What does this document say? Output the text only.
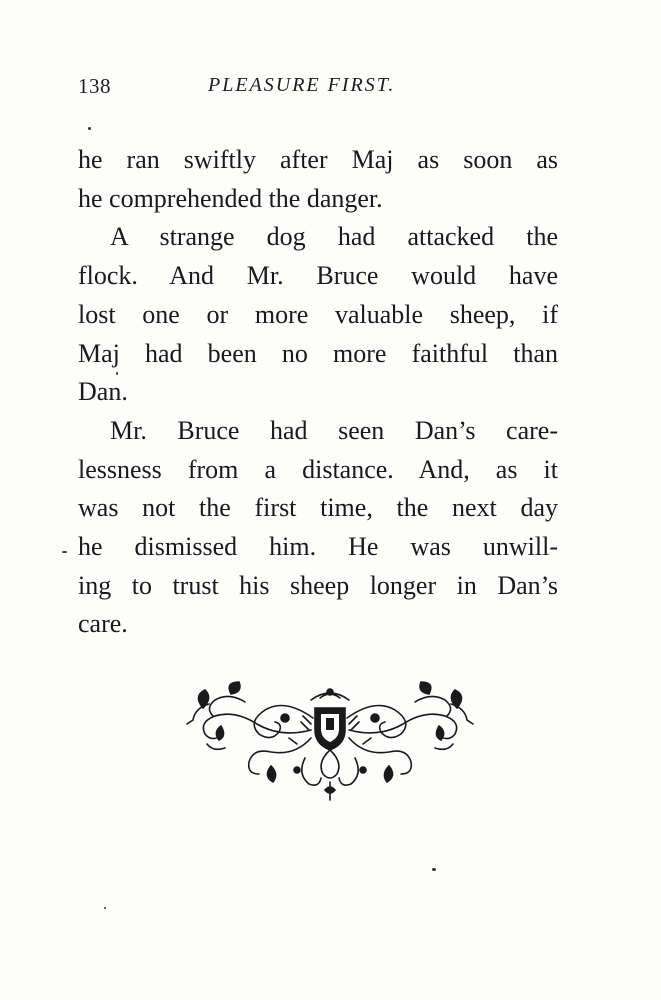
138	PLEASURE FIRST.

he ran swiftly after Maj as soon as
he comprehended the danger.

A strange dog had attacked the
flock. And Mr. Bruce would have
lost one or more valuable sheep, if
Maj had been no more faithful than
Dan.

Mr. Bruce had seen Dan’s care-
lessness from a distance. And, as it
was not the first time, the next day
he dismissed him. He was unwill-
ing to trust his sheep longer in Dan’s
care.
